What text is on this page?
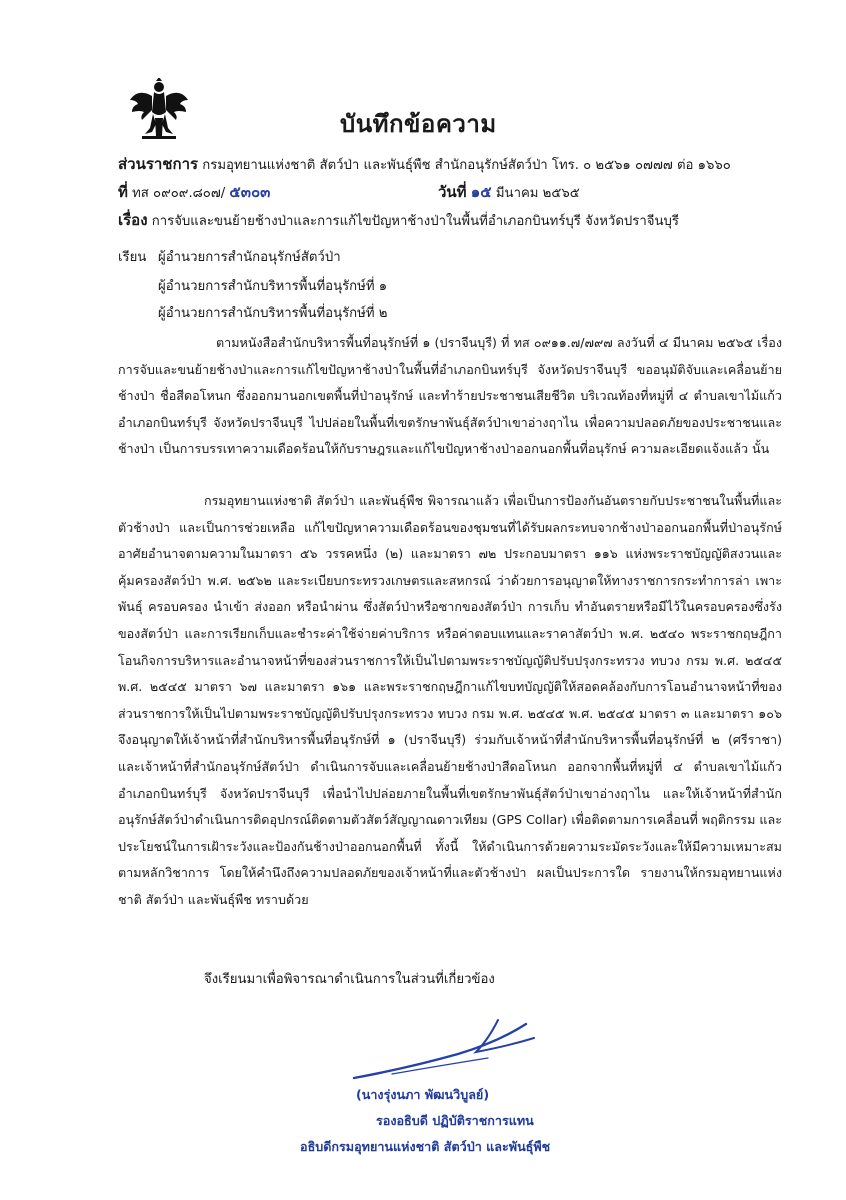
บันทึกข้อความ
ส่วนราชการ กรมอุทยานแห่งชาติ สัตว์ป่า และพันธุ์พืช สำนักอนุรักษ์สัตว์ป่า โทร. ๐ ๒๕๖๑ ๐๗๗๗ ต่อ ๑๖๖๐
ที่ ทส ๐๙๐๙.๘๐๗/ ๕๓๐๓	วันที่ ๑๕ มีนาคม ๒๕๖๕
เรื่อง การจับและขนย้ายช้างป่าและการแก้ไขปัญหาช้างป่าในพื้นที่อำเภอกบินทร์บุรี จังหวัดปราจีนบุรี
เรียน ผู้อำนวยการสำนักอนุรักษ์สัตว์ป่า
ผู้อำนวยการสำนักบริหารพื้นที่อนุรักษ์ที่ ๑
ผู้อำนวยการสำนักบริหารพื้นที่อนุรักษ์ที่ ๒
ตามหนังสือสำนักบริหารพื้นที่อนุรักษ์ที่ ๑ (ปราจีนบุรี) ที่ ทส ๐๙๑๑.๗/๗๙๗ ลงวันที่ ๔ มีนาคม ๒๕๖๕ เรื่อง การจับและขนย้ายช้างป่าและการแก้ไขปัญหาช้างป่าในพื้นที่อำเภอกบินทร์บุรี จังหวัดปราจีนบุรี ขออนุมัติจับและเคลื่อนย้ายช้างป่า ชื่อสีดอโหนก ซึ่งออกมานอกเขตพื้นที่ป่าอนุรักษ์ และทำร้ายประชาชนเสียชีวิต บริเวณท้องที่หมู่ที่ ๔ ตำบลเขาไม้แก้ว อำเภอกบินทร์บุรี จังหวัดปราจีนบุรี ไปปล่อยในพื้นที่เขตรักษาพันธุ์สัตว์ป่าเขาอ่างฤาไน เพื่อความปลอดภัยของประชาชนและช้างป่า เป็นการบรรเทาความเดือดร้อนให้กับราษฎรและแก้ไขปัญหาช้างป่าออกนอกพื้นที่อนุรักษ์ ความละเอียดแจ้งแล้ว นั้น
กรมอุทยานแห่งชาติ สัตว์ป่า และพันธุ์พืช พิจารณาแล้ว เพื่อเป็นการป้องกันอันตรายกับประชาชนในพื้นที่และตัวช้างป่า และเป็นการช่วยเหลือ แก้ไขปัญหาความเดือดร้อนของชุมชนที่ได้รับผลกระทบจากช้างป่าออกนอกพื้นที่ป่าอนุรักษ์ อาศัยอำนาจตามความในมาตรา ๕๖ วรรคหนึ่ง (๒) และมาตรา ๗๒ ประกอบมาตรา ๑๑๖ แห่งพระราชบัญญัติสงวนและคุ้มครองสัตว์ป่า พ.ศ. ๒๕๖๒ และระเบียบกระทรวงเกษตรและสหกรณ์ ว่าด้วยการอนุญาตให้ทางราชการกระทำการล่า เพาะพันธุ์ ครอบครอง นำเข้า ส่งออก หรือนำผ่าน ซึ่งสัตว์ป่าหรือซากของสัตว์ป่า การเก็บ ทำอันตรายหรือมีไว้ในครอบครองซึ่งรังของสัตว์ป่า และการเรียกเก็บและชำระค่าใช้จ่ายค่าบริการ หรือค่าตอบแทนและราคาสัตว์ป่า พ.ศ. ๒๕๔๐ พระราชกฤษฎีกาโอนกิจการบริหารและอำนาจหน้าที่ของส่วนราชการให้เป็นไปตามพระราชบัญญัติปรับปรุงกระทรวง ทบวง กรม พ.ศ. ๒๕๔๕ พ.ศ. ๒๕๔๕ มาตรา ๖๗ และมาตรา ๑๖๑ และพระราชกฤษฎีกาแก้ไขบทบัญญัติให้สอดคล้องกับการโอนอำนาจหน้าที่ของส่วนราชการให้เป็นไปตามพระราชบัญญัติปรับปรุงกระทรวง ทบวง กรม พ.ศ. ๒๕๔๕ พ.ศ. ๒๕๔๕ มาตรา ๓ และมาตรา ๑๐๖ จึงอนุญาตให้เจ้าหน้าที่สำนักบริหารพื้นที่อนุรักษ์ที่ ๑ (ปราจีนบุรี) ร่วมกับเจ้าหน้าที่สำนักบริหารพื้นที่อนุรักษ์ที่ ๒ (ศรีราชา) และเจ้าหน้าที่สำนักอนุรักษ์สัตว์ป่า ดำเนินการจับและเคลื่อนย้ายช้างป่าสีดอโหนก ออกจากพื้นที่หมู่ที่ ๔ ตำบลเขาไม้แก้ว อำเภอกบินทร์บุรี จังหวัดปราจีนบุรี เพื่อนำไปปล่อยภายในพื้นที่เขตรักษาพันธุ์สัตว์ป่าเขาอ่างฤาไน และให้เจ้าหน้าที่สำนักอนุรักษ์สัตว์ป่าดำเนินการติดอุปกรณ์ติดตามตัวสัตว์สัญญาณดาวเทียม (GPS Collar) เพื่อติดตามการเคลื่อนที่ พฤติกรรม และประโยชน์ในการเฝ้าระวังและป้องกันช้างป่าออกนอกพื้นที่ ทั้งนี้ ให้ดำเนินการด้วยความระมัดระวังและให้มีความเหมาะสมตามหลักวิชาการ โดยให้คำนึงถึงความปลอดภัยของเจ้าหน้าที่และตัวช้างป่า ผลเป็นประการใด รายงานให้กรมอุทยานแห่งชาติ สัตว์ป่า และพันธุ์พืช ทราบด้วย
จึงเรียนมาเพื่อพิจารณาดำเนินการในส่วนที่เกี่ยวข้อง
(นางรุ่งนภา พัฒนวิบูลย์)
รองอธิบดี ปฏิบัติราชการแทน
อธิบดีกรมอุทยานแห่งชาติ สัตว์ป่า และพันธุ์พืช
